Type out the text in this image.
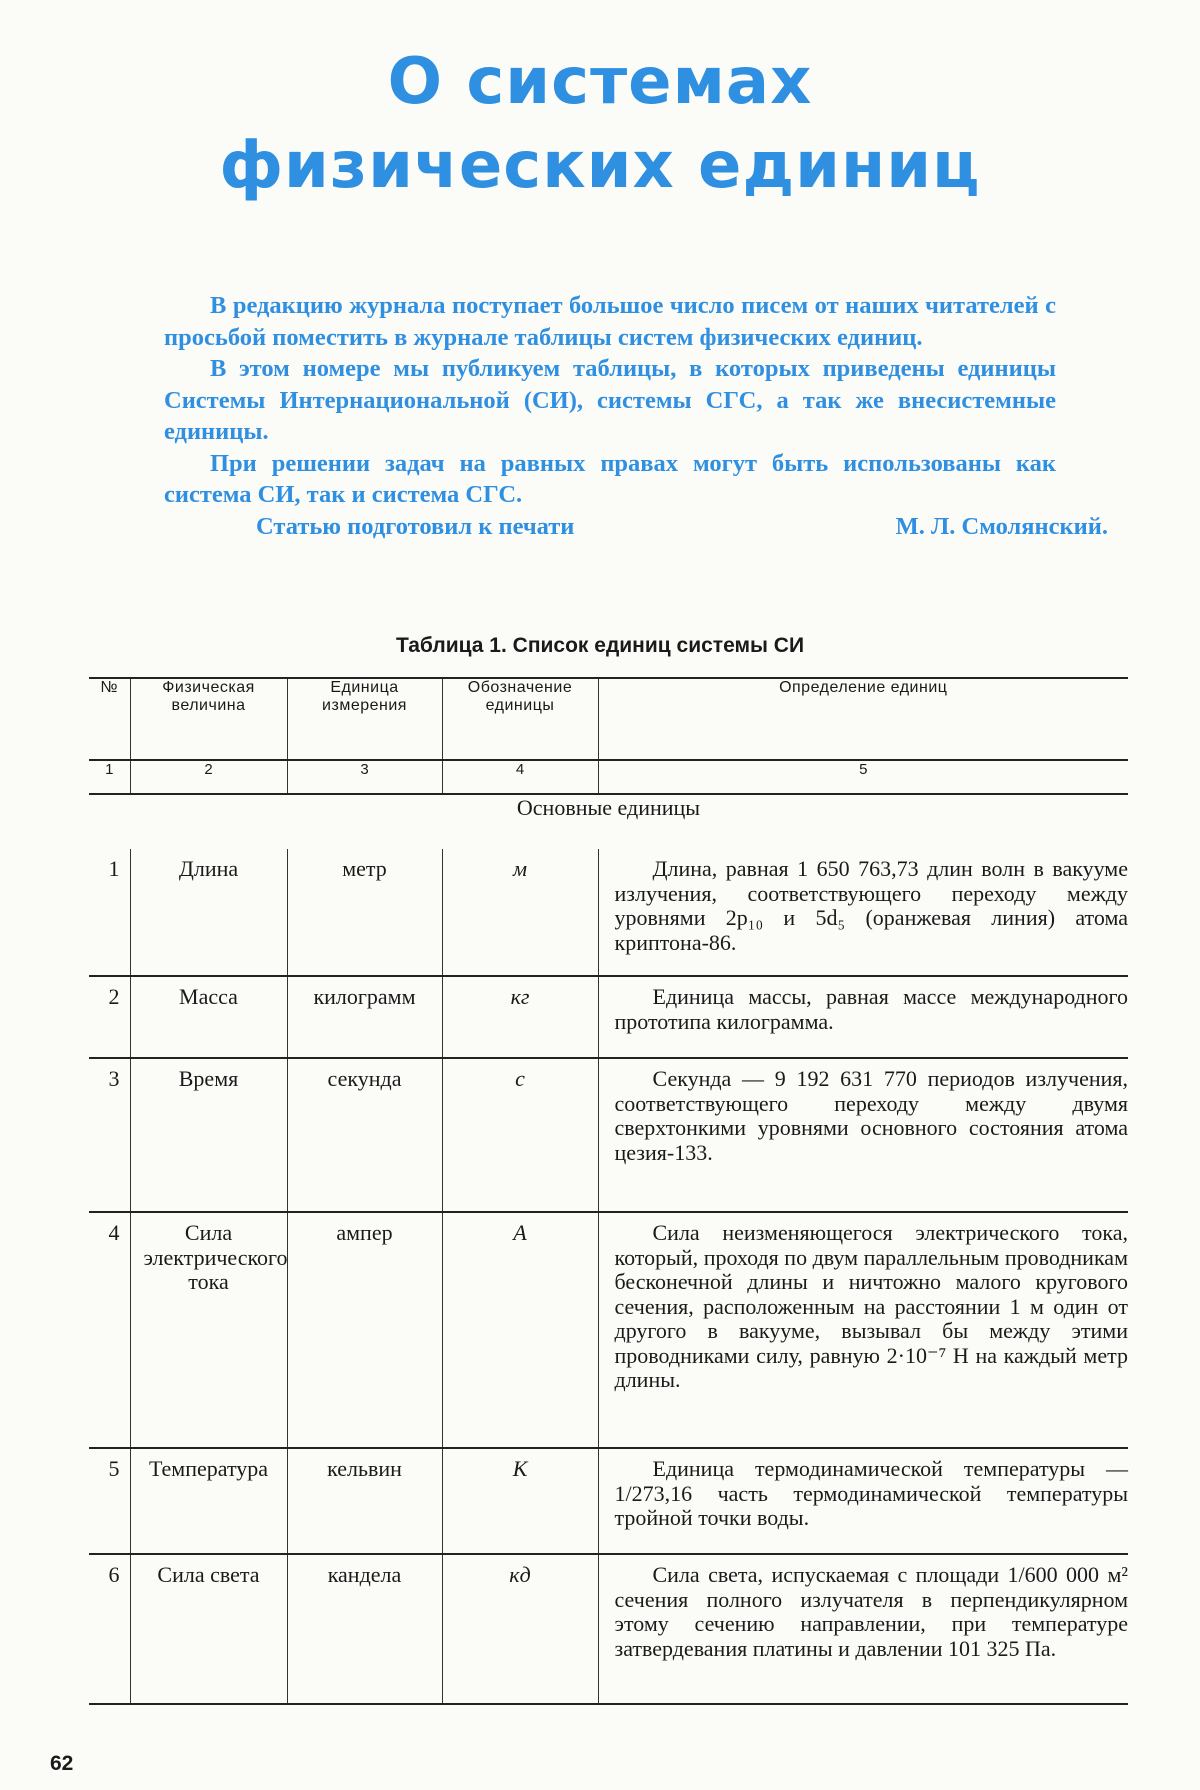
О системах
физических единиц

В редакцию журнала поступает большое число писем от наших читателей с просьбой поместить в журнале таблицы систем физических единиц.

В этом номере мы публикуем таблицы, в которых приведены единицы Системы Интернациональной (СИ), системы СГС, а так же внесистемные единицы.

При решении задач на равных правах могут быть использованы как система СИ, так и система СГС.

Статью подготовил к печати	М. Л. Смолянский.

Таблица 1. Список единиц системы СИ
№	Физическая величина	Единица измерения	Обозначение единицы	Определение единиц
1	2	3	4	5
Основные единицы				
1	Длина	метр	м	Длина, равная 1 650 763,73 длин волн в вакууме излучения, соответствующего переходу между уровнями 2p₁₀ и 5d₅ (оранжевая линия) атома криптона-86.

2	Масса	килограмм	кг	Единица массы, равная массе международного прототипа килограмма.

3	Время	секунда	с	Секунда — 9 192 631 770 периодов излучения, соответствующего переходу между двумя сверхтонкими уровнями основного состояния атома цезия-133.

4	Сила электрического тока	ампер	А	Сила неизменяющегося электрического тока, который, проходя по двум параллельным проводникам бесконечной длины и ничтожно малого кругового сечения, расположенным на расстоянии 1 м один от другого в вакууме, вызывал бы между этими проводниками силу, равную 2·10⁻⁷ Н на каждый метр длины.

5	Температура	кельвин	К	Единица термодинамической температуры — 1/273,16 часть термодинамической температуры тройной точки воды.

6	Сила света	кандела	кд	Сила света, испускаемая с площади 1/600 000 м² сечения полного излучателя в перпендикулярном этому сечению направлении, при температуре затвердевания платины и давлении 101 325 Па.
62
